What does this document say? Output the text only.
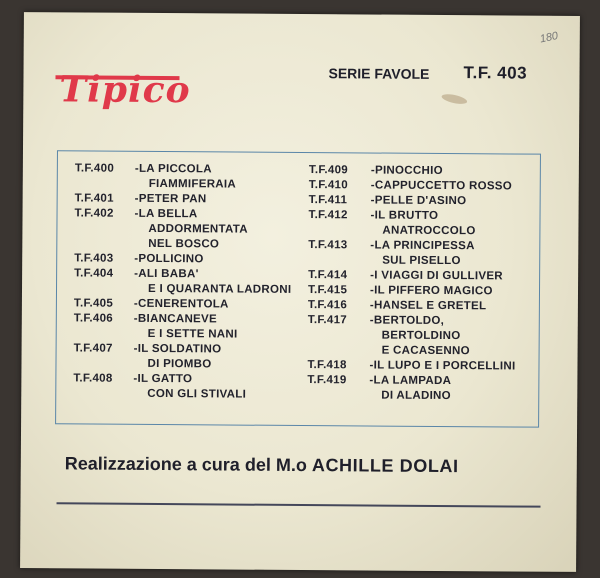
180
Tipico	SERIE FAVOLE T.F. 403
T.F.400	- LA PICCOLA
FIAMMIFERAIA
T.F.401	- PETER PAN
T.F.402	- LA BELLA
ADDORMENTATA
NEL BOSCO
T.F.403	- POLLICINO
T.F.404	- ALI BABA'
E I QUARANTA LADRONI
T.F.405	- CENERENTOLA
T.F.406	- BIANCANEVE
E I SETTE NANI
T.F.407	- IL SOLDATINO
DI PIOMBO
T.F.408	- IL GATTO
CON GLI STIVALI
T.F.409	- PINOCCHIO
T.F.410	- CAPPUCCETTO ROSSO
T.F.411	- PELLE D'ASINO
T.F.412	- IL BRUTTO
ANATROCCOLO
T.F.413	- LA PRINCIPESSA
SUL PISELLO
T.F.414	- I VIAGGI DI GULLIVER
T.F.415	- IL PIFFERO MAGICO
T.F.416	- HANSEL E GRETEL
T.F.417	- BERTOLDO,
BERTOLDINO
E CACASENNO
T.F.418	- IL LUPO E I PORCELLINI
T.F.419	- LA LAMPADA
DI ALADINO
Realizzazione a cura del M.o ACHILLE DOLAI
